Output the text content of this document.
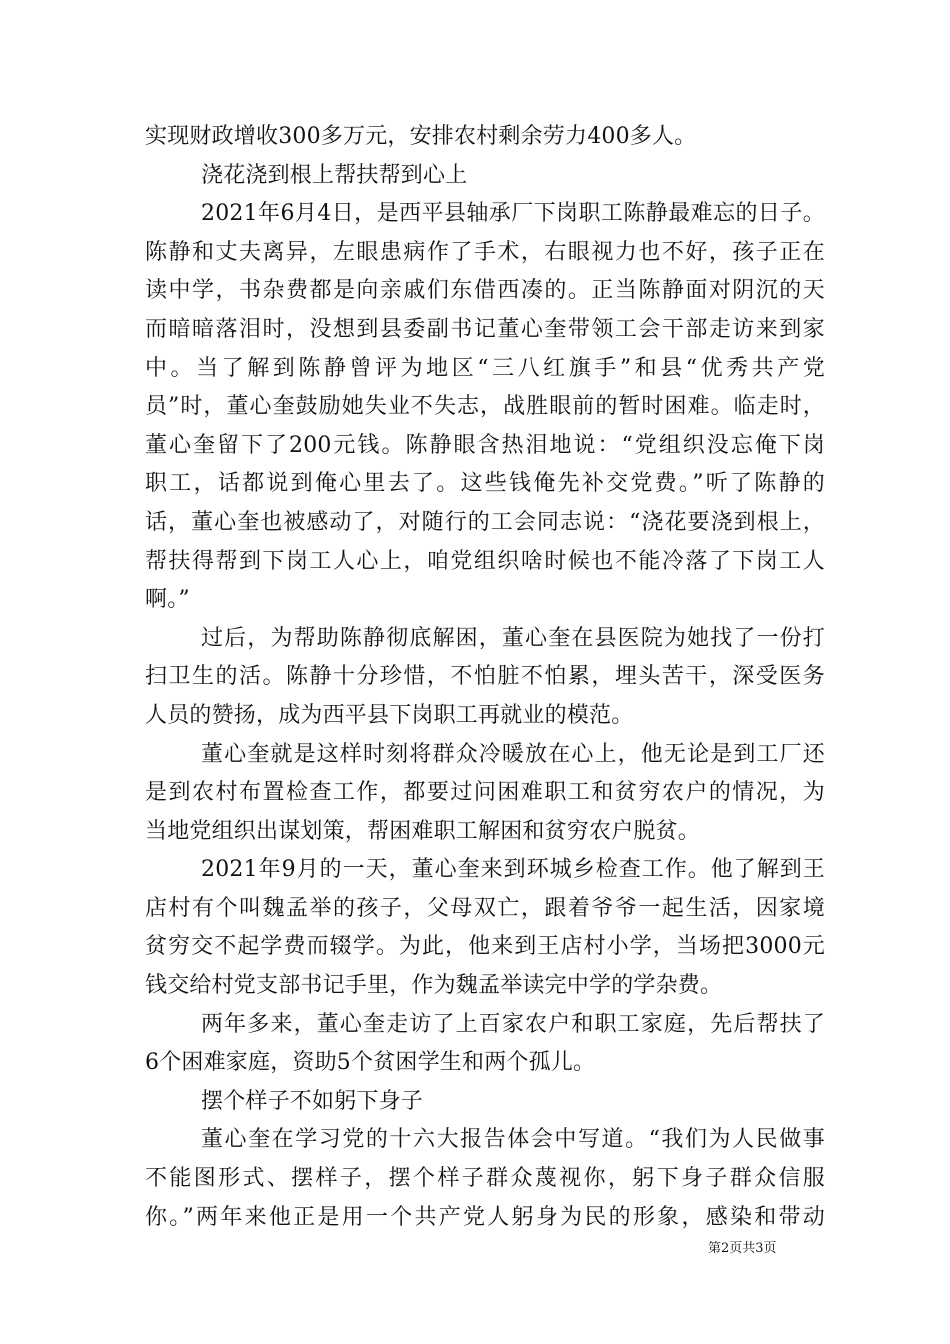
实现财政增收300多万元，安排农村剩余劳力400多人。
浇花浇到根上帮扶帮到心上
2021年6月4日，是西平县轴承厂下岗职工陈静最难忘的日子。
陈静和丈夫离异，左眼患病作了手术，右眼视力也不好，孩子正在
读中学，书杂费都是向亲戚们东借西凑的。正当陈静面对阴沉的天
而暗暗落泪时，没想到县委副书记董心奎带领工会干部走访来到家
中。当了解到陈静曾评为地区“三八红旗手”和县“优秀共产党
员”时，董心奎鼓励她失业不失志，战胜眼前的暂时困难。临走时，
董心奎留下了200元钱。陈静眼含热泪地说：“党组织没忘俺下岗
职工，话都说到俺心里去了。这些钱俺先补交党费。”听了陈静的
话，董心奎也被感动了，对随行的工会同志说：“浇花要浇到根上，
帮扶得帮到下岗工人心上，咱党组织啥时候也不能冷落了下岗工人
啊。”
过后，为帮助陈静彻底解困，董心奎在县医院为她找了一份打
扫卫生的活。陈静十分珍惜，不怕脏不怕累，埋头苦干，深受医务
人员的赞扬，成为西平县下岗职工再就业的模范。
董心奎就是这样时刻将群众冷暖放在心上，他无论是到工厂还
是到农村布置检查工作，都要过问困难职工和贫穷农户的情况，为
当地党组织出谋划策，帮困难职工解困和贫穷农户脱贫。
2021年9月的一天，董心奎来到环城乡检查工作。他了解到王
店村有个叫魏孟举的孩子，父母双亡，跟着爷爷一起生活，因家境
贫穷交不起学费而辍学。为此，他来到王店村小学，当场把3000元
钱交给村党支部书记手里，作为魏孟举读完中学的学杂费。
两年多来，董心奎走访了上百家农户和职工家庭，先后帮扶了
6个困难家庭，资助5个贫困学生和两个孤儿。
摆个样子不如躬下身子
董心奎在学习党的十六大报告体会中写道。“我们为人民做事
不能图形式、摆样子，摆个样子群众蔑视你，躬下身子群众信服
你。”两年来他正是用一个共产党人躬身为民的形象，感染和带动
第2页共3页
